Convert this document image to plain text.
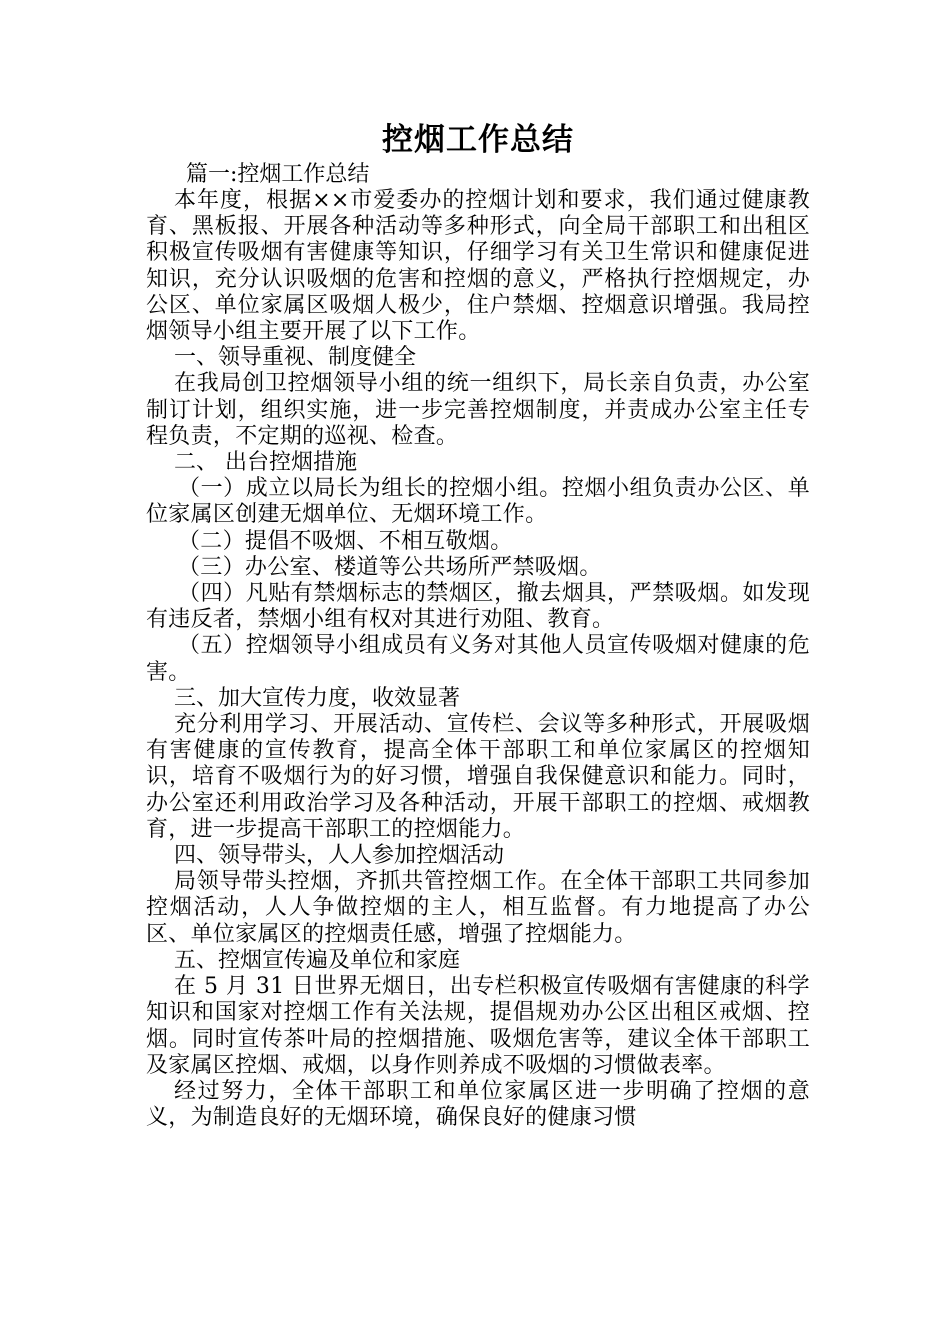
控烟工作总结

篇一:控烟工作总结

本年度，根据××市爱委办的控烟计划和要求，我们通过健康教育、黑板报、开展各种活动等多种形式，向全局干部职工和出租区积极宣传吸烟有害健康等知识，仔细学习有关卫生常识和健康促进知识，充分认识吸烟的危害和控烟的意义，严格执行控烟规定，办公区、单位家属区吸烟人极少，住户禁烟、控烟意识增强。我局控烟领导小组主要开展了以下工作。

一、领导重视、制度健全

在我局创卫控烟领导小组的统一组织下，局长亲自负责，办公室制订计划，组织实施，进一步完善控烟制度，并责成办公室主任专程负责，不定期的巡视、检查。

二、 出台控烟措施

（一）成立以局长为组长的控烟小组。控烟小组负责办公区、单位家属区创建无烟单位、无烟环境工作。

（二）提倡不吸烟、不相互敬烟。

（三）办公室、楼道等公共场所严禁吸烟。

（四）凡贴有禁烟标志的禁烟区，撤去烟具，严禁吸烟。如发现有违反者，禁烟小组有权对其进行劝阻、教育。

（五）控烟领导小组成员有义务对其他人员宣传吸烟对健康的危害。

三、加大宣传力度，收效显著

充分利用学习、开展活动、宣传栏、会议等多种形式，开展吸烟有害健康的宣传教育，提高全体干部职工和单位家属区的控烟知识，培育不吸烟行为的好习惯，增强自我保健意识和能力。同时，办公室还利用政治学习及各种活动，开展干部职工的控烟、戒烟教育，进一步提高干部职工的控烟能力。

四、领导带头，人人参加控烟活动

局领导带头控烟，齐抓共管控烟工作。在全体干部职工共同参加控烟活动，人人争做控烟的主人，相互监督。有力地提高了办公区、单位家属区的控烟责任感，增强了控烟能力。

五、控烟宣传遍及单位和家庭

在 5 月 31 日世界无烟日，出专栏积极宣传吸烟有害健康的科学知识和国家对控烟工作有关法规，提倡规劝办公区出租区戒烟、控烟。同时宣传茶叶局的控烟措施、吸烟危害等，建议全体干部职工及家属区控烟、戒烟，以身作则养成不吸烟的习惯做表率。

经过努力，全体干部职工和单位家属区进一步明确了控烟的意义，为制造良好的无烟环境，确保良好的健康习惯
